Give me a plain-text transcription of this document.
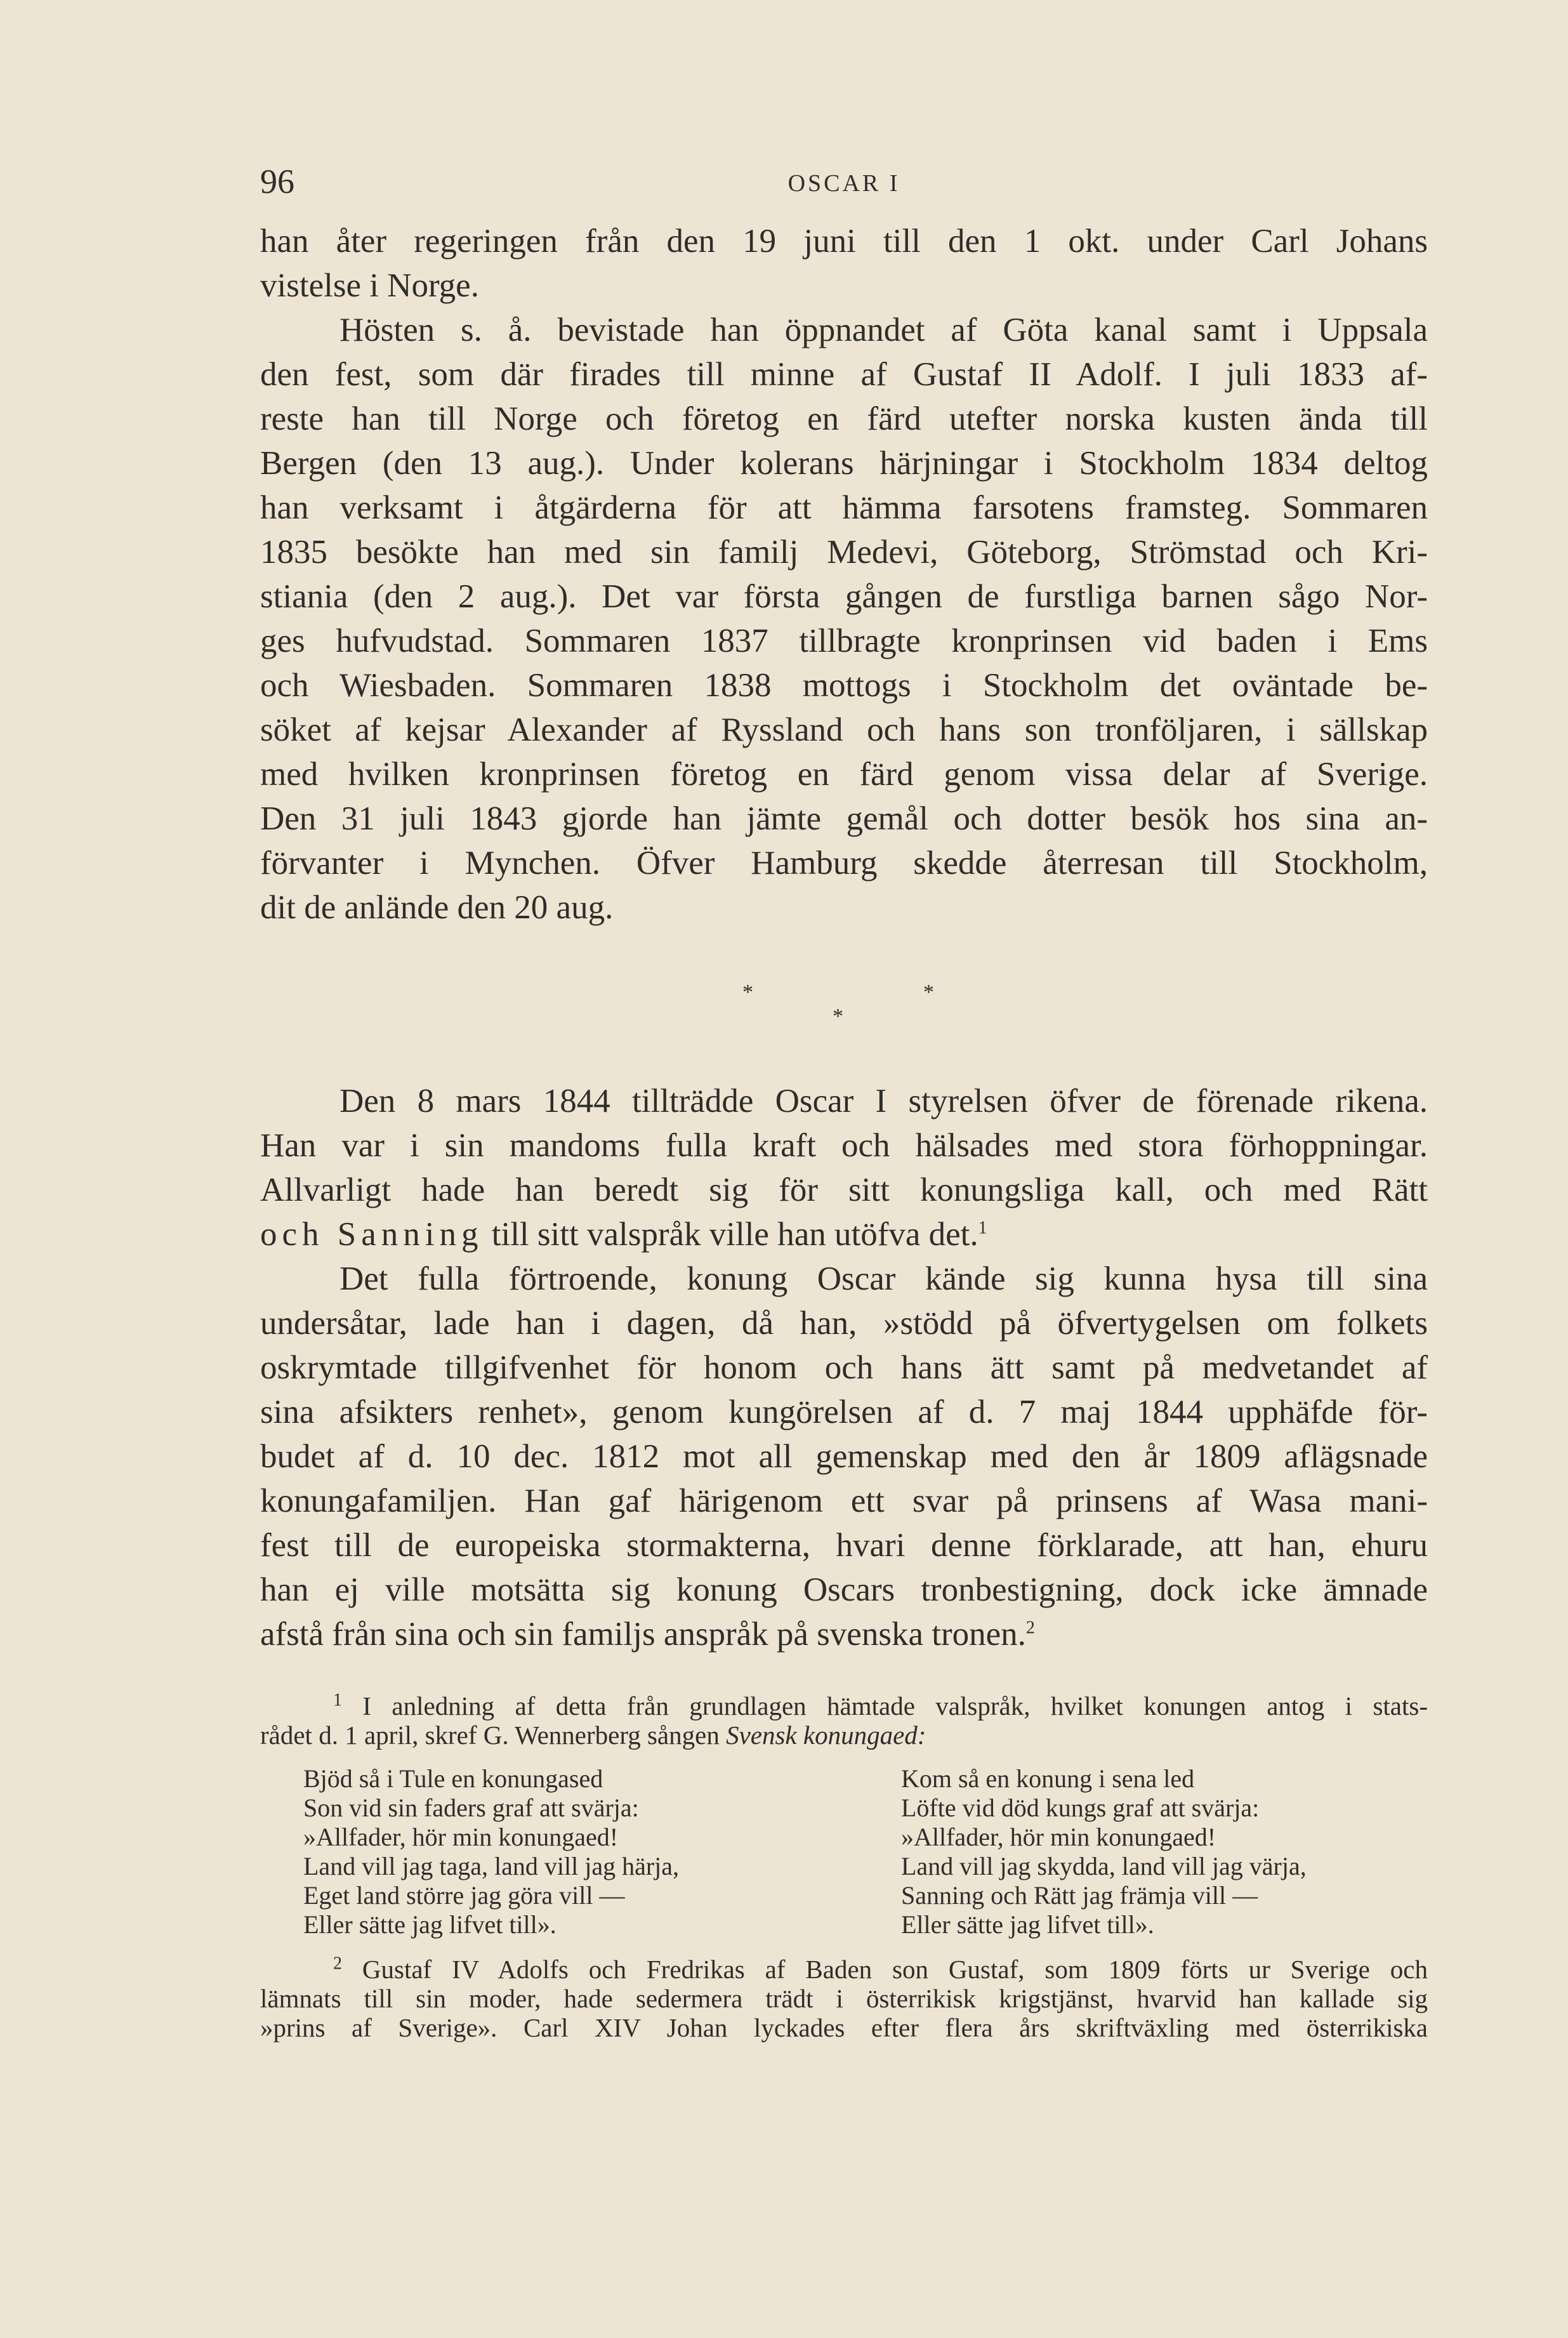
96	OSCAR I
han åter regeringen från den 19 juni till den 1 okt. under Carl Johans
vistelse i Norge.
Hösten s. å. bevistade han öppnandet af Göta kanal samt i Uppsala
den fest, som där firades till minne af Gustaf II Adolf. I juli 1833 af-
reste han till Norge och företog en färd utefter norska kusten ända till
Bergen (den 13 aug.). Under kolerans härjningar i Stockholm 1834 deltog
han verksamt i åtgärderna för att hämma farsotens framsteg. Sommaren
1835 besökte han med sin familj Medevi, Göteborg, Strömstad och Kri-
stiania (den 2 aug.). Det var första gången de furstliga barnen sågo Nor-
ges hufvudstad. Sommaren 1837 tillbragte kronprinsen vid baden i Ems
och Wiesbaden. Sommaren 1838 mottogs i Stockholm det oväntade be-
söket af kejsar Alexander af Ryssland och hans son tronföljaren, i sällskap
med hvilken kronprinsen företog en färd genom vissa delar af Sverige.
Den 31 juli 1843 gjorde han jämte gemål och dotter besök hos sina an-
förvanter i Mynchen. Öfver Hamburg skedde återresan till Stockholm,
dit de anlände den 20 aug.
*	*
*
Den 8 mars 1844 tillträdde Oscar I styrelsen öfver de förenade rikena.
Han var i sin mandoms fulla kraft och hälsades med stora förhoppningar.
Allvarligt hade han beredt sig för sitt konungsliga kall, och med Rätt
och Sanning till sitt valspråk ville han utöfva det.$^1$
Det fulla förtroende, konung Oscar kände sig kunna hysa till sina
undersåtar, lade han i dagen, då han, »stödd på öfvertygelsen om folkets
oskrymtade tillgifvenhet för honom och hans ätt samt på medvetandet af
sina afsikters renhet», genom kungörelsen af d. 7 maj 1844 upphäfde för-
budet af d. 10 dec. 1812 mot all gemenskap med den år 1809 aflägsnade
konungafamiljen. Han gaf härigenom ett svar på prinsens af Wasa mani-
fest till de europeiska stormakterna, hvari denne förklarade, att han, ehuru
han ej ville motsätta sig konung Oscars tronbestigning, dock icke ämnade
afstå från sina och sin familjs anspråk på svenska tronen.$^2$
$^1$ I anledning af detta från grundlagen hämtade valspråk, hvilket konungen antog i stats-
rådet d. 1 april, skref G. Wennerberg sången Svensk konungaed:
Bjöd så i Tule en konungased
Son vid sin faders graf att svärja:
»Allfader, hör min konungaed!
Land vill jag taga, land vill jag härja,
Eget land större jag göra vill —
Eller sätte jag lifvet till».
Kom så en konung i sena led
Löfte vid död kungs graf att svärja:
»Allfader, hör min konungaed!
Land vill jag skydda, land vill jag värja,
Sanning och Rätt jag främja vill —
Eller sätte jag lifvet till».
$^2$ Gustaf IV Adolfs och Fredrikas af Baden son Gustaf, som 1809 förts ur Sverige och
lämnats till sin moder, hade sedermera trädt i österrikisk krigstjänst, hvarvid han kallade sig
»prins af Sverige». Carl XIV Johan lyckades efter flera års skriftväxling med österrikiska
